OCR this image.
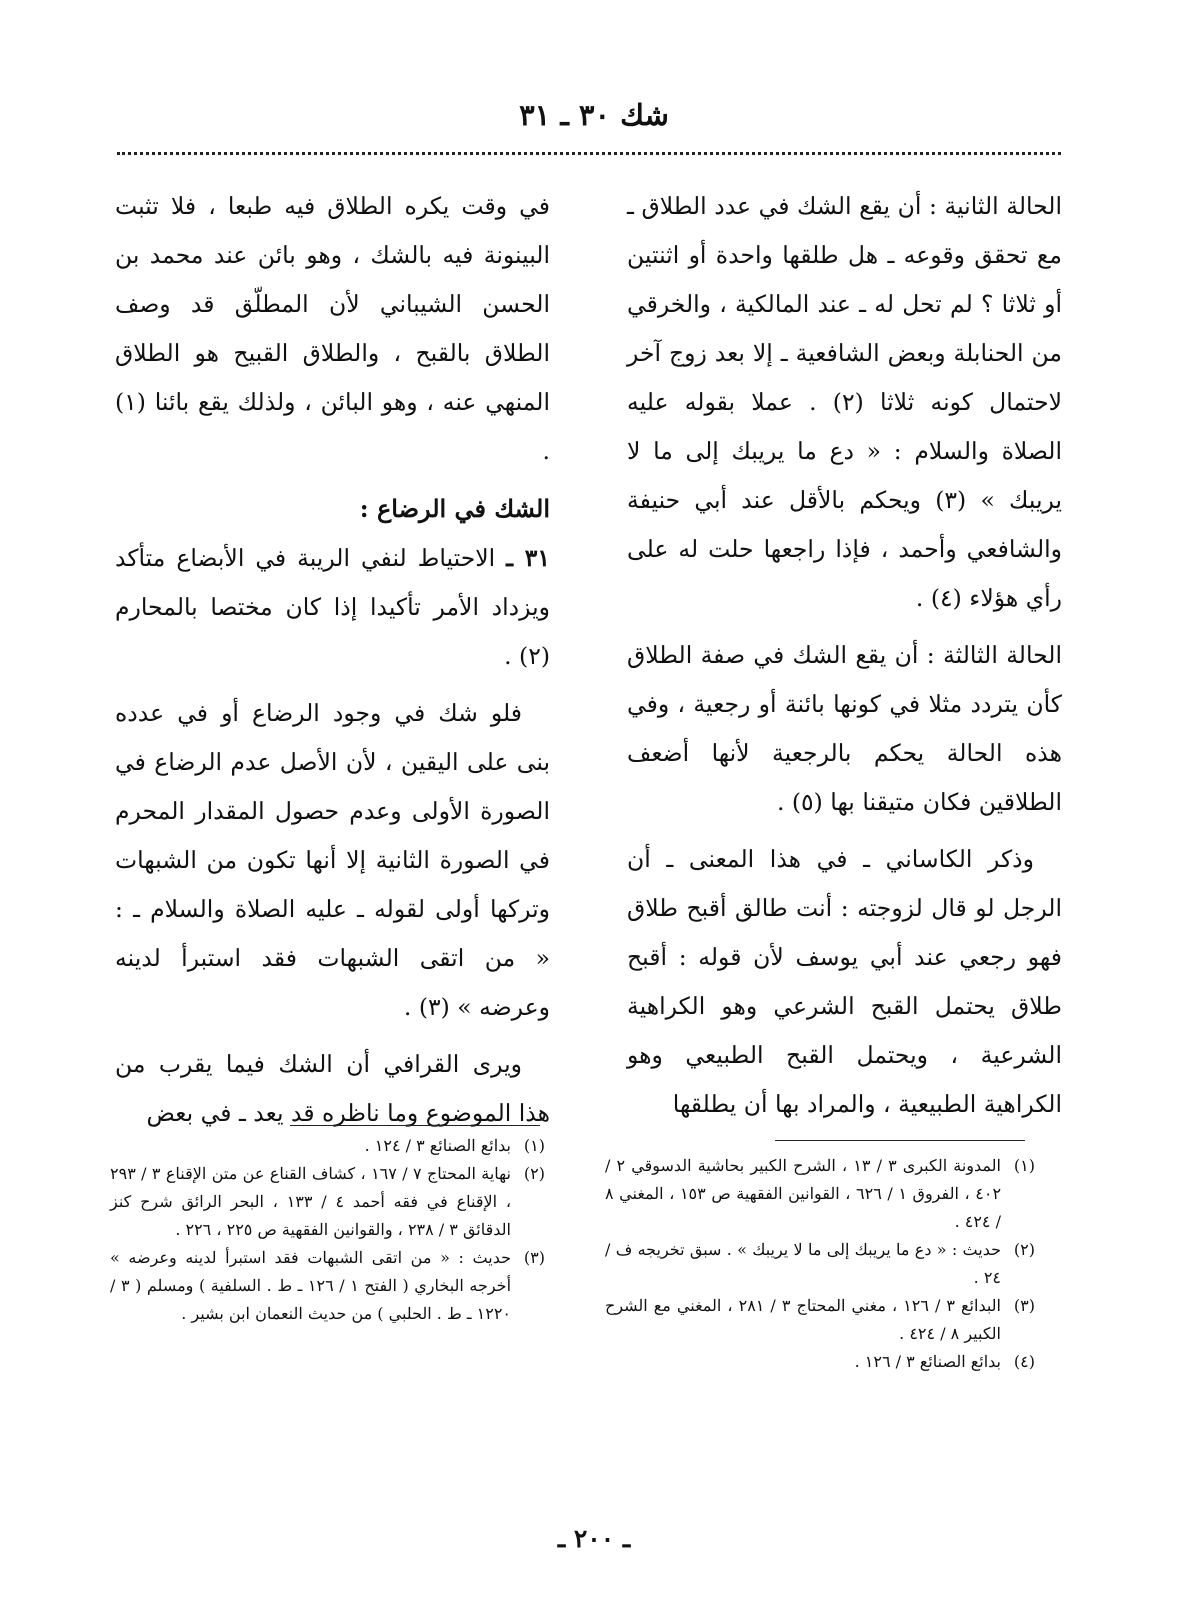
شك ٣٠ ـ ٣١

الحالة الثانية : أن يقع الشك في عدد الطلاق ـ مع تحقق وقوعه ـ هل طلقها واحدة أو اثنتين أو ثلاثا ؟ لم تحل له ـ عند المالكية ، والخرقي من الحنابلة وبعض الشافعية ـ إلا بعد زوج آخر لاحتمال كونه ثلاثا (٢) . عملا بقوله عليه الصلاة والسلام : « دع ما يريبك إلى ما لا يريبك » (٣) ويحكم بالأقل عند أبي حنيفة والشافعي وأحمد ، فإذا راجعها حلت له على رأي هؤلاء (٤) .

الحالة الثالثة : أن يقع الشك في صفة الطلاق كأن يتردد مثلا في كونها بائنة أو رجعية ، وفي هذه الحالة يحكم بالرجعية لأنها أضعف الطلاقين فكان متيقنا بها (٥) .

وذكر الكاساني ـ في هذا المعنى ـ أن الرجل لو قال لزوجته : أنت طالق أقبح طلاق فهو رجعي عند أبي يوسف لأن قوله : أقبح طلاق يحتمل القبح الشرعي وهو الكراهية الشرعية ، ويحتمل القبح الطبيعي وهو الكراهية الطبيعية ، والمراد بها أن يطلقها

في وقت يكره الطلاق فيه طبعا ، فلا تثبت البينونة فيه بالشك ، وهو بائن عند محمد بن الحسن الشيباني لأن المطلّق قد وصف الطلاق بالقبح ، والطلاق القبيح هو الطلاق المنهي عنه ، وهو البائن ، ولذلك يقع بائنا (١) .

الشك في الرضاع :

٣١ ـ الاحتياط لنفي الريبة في الأبضاع متأكد ويزداد الأمر تأكيدا إذا كان مختصا بالمحارم (٢) .

فلو شك في وجود الرضاع أو في عدده بنى على اليقين ، لأن الأصل عدم الرضاع في الصورة الأولى وعدم حصول المقدار المحرم في الصورة الثانية إلا أنها تكون من الشبهات وتركها أولى لقوله ـ عليه الصلاة والسلام ـ : « من اتقى الشبهات فقد استبرأ لدينه وعرضه » (٣) .

ويرى القرافي أن الشك فيما يقرب من هذا الموضوع وما ناظره قد يعد ـ في بعض

(١)
المدونة الكبرى ٣ / ١٣ ، الشرح الكبير بحاشية الدسوقي ٢ / ٤٠٢ ، الفروق ١ / ٦٢٦ ، القوانين الفقهية ص ١٥٣ ، المغني ٨ / ٤٢٤ .
(٢)
حديث : « دع ما يريبك إلى ما لا يريبك » . سبق تخريجه ف / ٢٤ .
(٣)
البدائع ٣ / ١٢٦ ، مغني المحتاج ٣ / ٢٨١ ، المغني مع الشرح الكبير ٨ / ٤٢٤ .
(٤)
بدائع الصنائع ٣ / ١٢٦ .
(١)
بدائع الصنائع ٣ / ١٢٤ .
(٢)
نهاية المحتاج ٧ / ١٦٧ ، كشاف القناع عن متن الإقناع ٣ / ٢٩٣ ، الإقناع في فقه أحمد ٤ / ١٣٣ ، البحر الرائق شرح كنز الدقائق ٣ / ٢٣٨ ، والقوانين الفقهية ص ٢٢٥ ، ٢٢٦ .
(٣)
حديث : « من اتقى الشبهات فقد استبرأ لدينه وعرضه » أخرجه البخاري ( الفتح ١ / ١٢٦ ـ ط . السلفية ) ومسلم ( ٣ / ١٢٢٠ ـ ط . الحلبي ) من حديث النعمان ابن بشير .
ـ ٢٠٠ ـ
